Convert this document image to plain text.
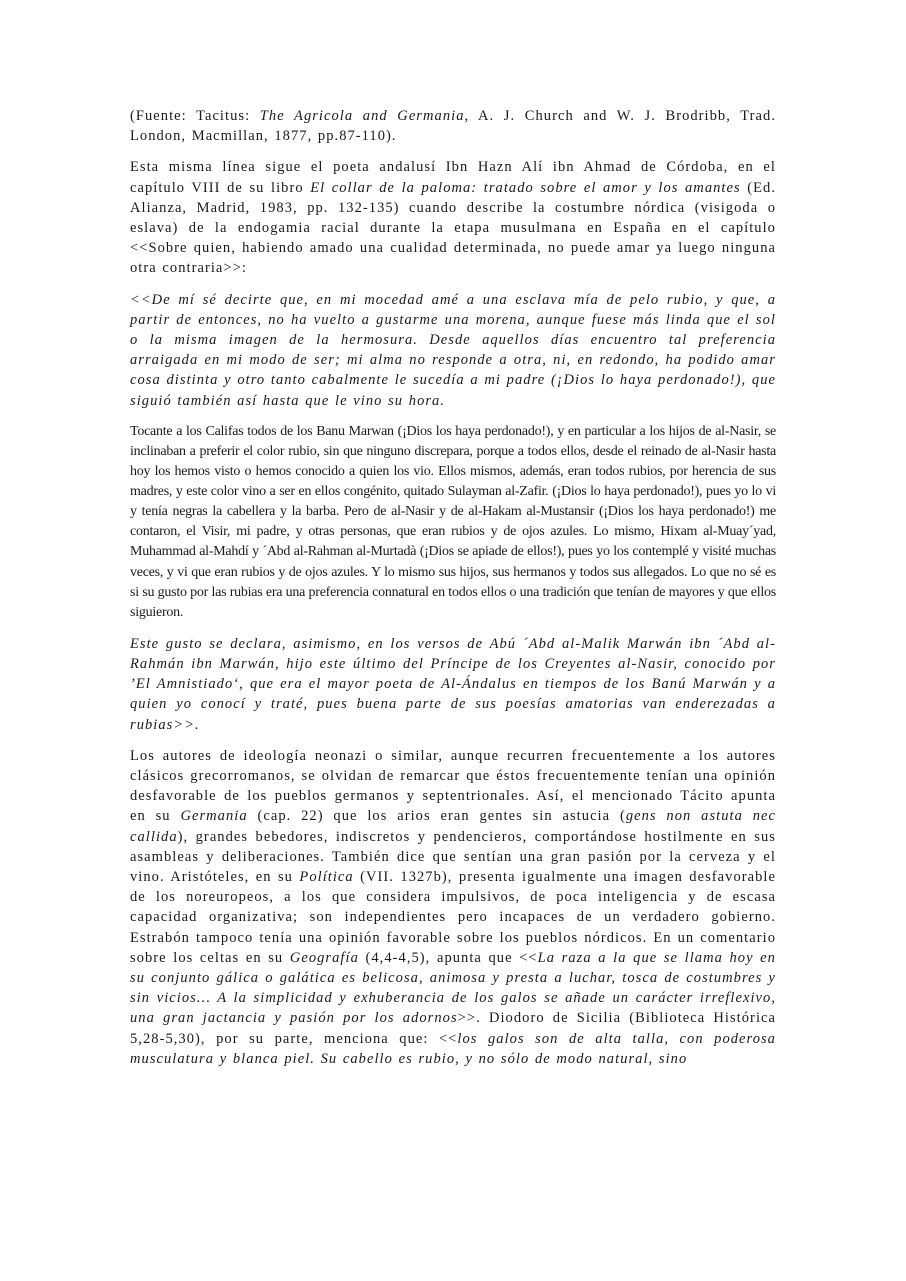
(Fuente: Tacitus: The Agricola and Germania, A. J. Church and W. J. Brodribb, Trad. London, Macmillan, 1877, pp.87-110).

Esta misma línea sigue el poeta andalusí Ibn Hazn Alí ibn Ahmad de Córdoba, en el capítulo VIII de su libro El collar de la paloma: tratado sobre el amor y los amantes (Ed. Alianza, Madrid, 1983, pp. 132-135) cuando describe la costumbre nórdica (visigoda o eslava) de la endogamia racial durante la etapa musulmana en España en el capítulo <<Sobre quien, habiendo amado una cualidad determinada, no puede amar ya luego ninguna otra contraria>>:

<<De mí sé decirte que, en mi mocedad amé a una esclava mía de pelo rubio, y que, a partir de entonces, no ha vuelto a gustarme una morena, aunque fuese más linda que el sol o la misma imagen de la hermosura. Desde aquellos días encuentro tal preferencia arraigada en mi modo de ser; mi alma no responde a otra, ni, en redondo, ha podido amar cosa distinta y otro tanto cabalmente le sucedía a mi padre (¡Dios lo haya perdonado!), que siguió también así hasta que le vino su hora.

Tocante a los Califas todos de los Banu Marwan (¡Dios los haya perdonado!), y en particular a los hijos de al-Nasir, se inclinaban a preferir el color rubio, sin que ninguno discrepara, porque a todos ellos, desde el reinado de al-Nasir hasta hoy los hemos visto o hemos conocido a quien los vio. Ellos mismos, además, eran todos rubios, por herencia de sus madres, y este color vino a ser en ellos congénito, quitado Sulayman al-Zafir. (¡Dios lo haya perdonado!), pues yo lo vi y tenía negras la cabellera y la barba. Pero de al-Nasir y de al-Hakam al-Mustansir (¡Dios los haya perdonado!) me contaron, el Visir, mi padre, y otras personas, que eran rubios y de ojos azules. Lo mismo, Hixam al-Muay´yad, Muhammad al-Mahdí y ´Abd al-Rahman al-Murtadà (¡Dios se apiade de ellos!), pues yo los contemplé y visité muchas veces, y vi que eran rubios y de ojos azules. Y lo mismo sus hijos, sus hermanos y todos sus allegados. Lo que no sé es si su gusto por las rubias era una preferencia connatural en todos ellos o una tradición que tenían de mayores y que ellos siguieron.

Este gusto se declara, asimismo, en los versos de Abú ´Abd al-Malik Marwán ibn ´Abd al-Rahmán ibn Marwán, hijo este último del Príncipe de los Creyentes al-Nasir, conocido por ’El Amnistiado‘, que era el mayor poeta de Al-Ándalus en tiempos de los Banú Marwán y a quien yo conocí y traté, pues buena parte de sus poesías amatorias van enderezadas a rubias>>.

Los autores de ideología neonazi o similar, aunque recurren frecuentemente a los autores clásicos grecorromanos, se olvidan de remarcar que éstos frecuentemente tenían una opinión desfavorable de los pueblos germanos y septentrionales. Así, el mencionado Tácito apunta en su Germania (cap. 22) que los arios eran gentes sin astucia (gens non astuta nec callida), grandes bebedores, indiscretos y pendencieros, comportándose hostilmente en sus asambleas y deliberaciones. También dice que sentían una gran pasión por la cerveza y el vino. Aristóteles, en su Política (VII. 1327b), presenta igualmente una imagen desfavorable de los noreuropeos, a los que considera impulsivos, de poca inteligencia y de escasa capacidad organizativa; son independientes pero incapaces de un verdadero gobierno. Estrabón tampoco tenía una opinión favorable sobre los pueblos nórdicos. En un comentario sobre los celtas en su Geografía (4,4-4,5), apunta que <<La raza a la que se llama hoy en su conjunto gálica o galática es belicosa, animosa y presta a luchar, tosca de costumbres y sin vicios… A la simplicidad y exhuberancia de los galos se añade un carácter irreflexivo, una gran jactancia y pasión por los adornos>>. Diodoro de Sicilia (Biblioteca Histórica 5,28-5,30), por su parte, menciona que: <<los galos son de alta talla, con poderosa musculatura y blanca piel. Su cabello es rubio, y no sólo de modo natural, sino
